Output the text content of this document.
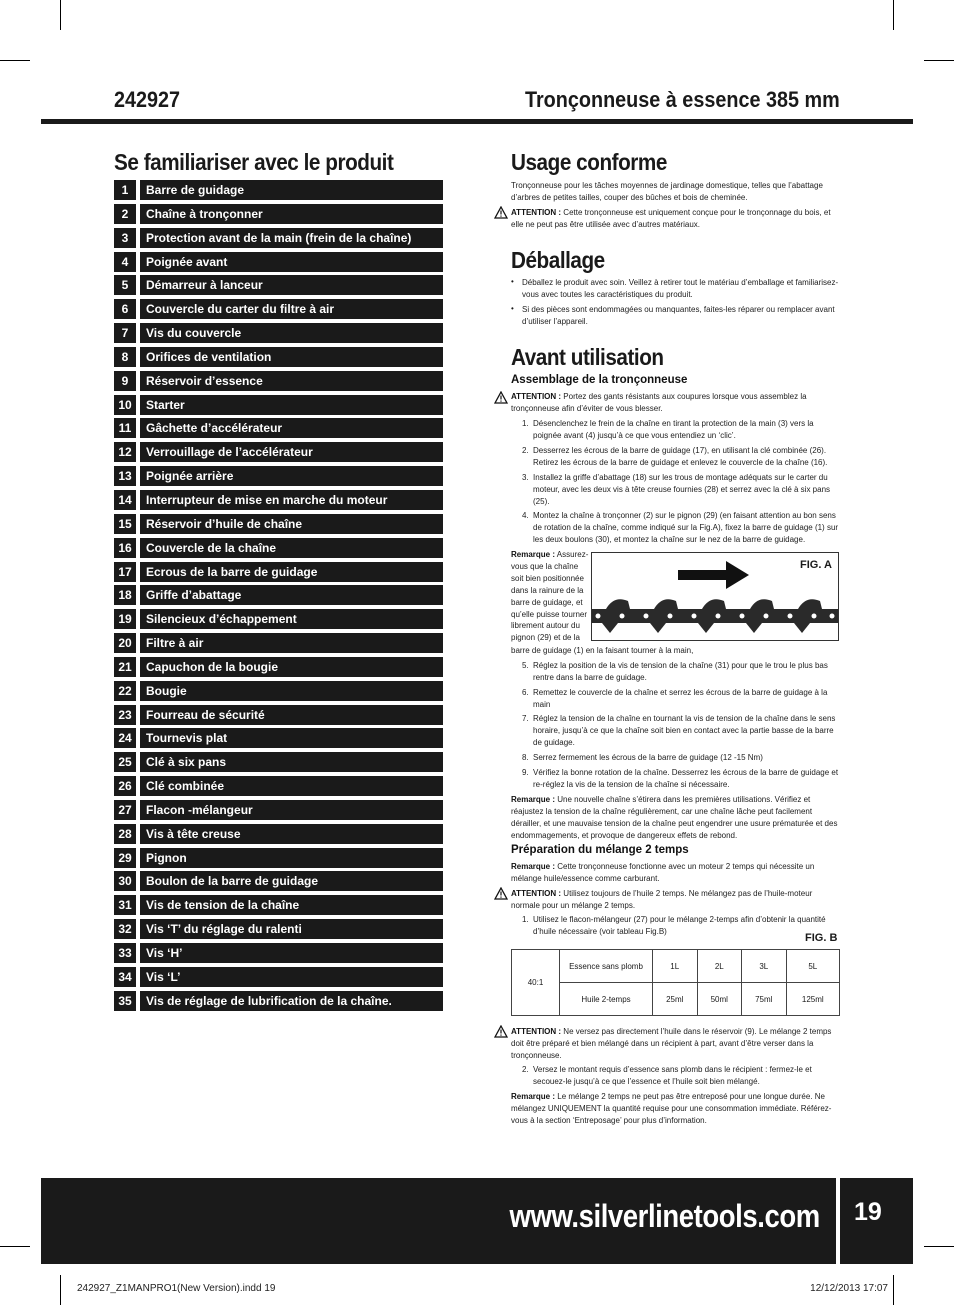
242927	Tronçonneuse à essence 385 mm
Se familiariser avec le produit
1	Barre de guidage
2	Chaîne à tronçonner
3	Protection avant de la main (frein de la chaîne)
4	Poignée avant
5	Démarreur à lanceur
6	Couvercle du carter du filtre à air
7	Vis du couvercle
8	Orifices de ventilation
9	Réservoir d’essence
10	Starter
11	Gâchette d’accélérateur
12	Verrouillage de l’accélérateur
13	Poignée arrière
14	Interrupteur de mise en marche du moteur
15	Réservoir d’huile de chaîne
16	Couvercle de la chaîne
17	Ecrous de la barre de guidage
18	Griffe d’abattage
19	Silencieux d’échappement
20	Filtre à air
21	Capuchon de la bougie
22	Bougie
23	Fourreau de sécurité
24	Tournevis plat
25	Clé à six pans
26	Clé combinée
27	Flacon -mélangeur
28	Vis à tête creuse
29	Pignon
30	Boulon de la barre de guidage
31	Vis de tension de la chaîne
32	Vis ‘T’ du réglage du ralenti
33	Vis ‘H’
34	Vis ‘L’
35	Vis de réglage de lubrification de la chaîne.
Usage conforme
Tronçonneuse pour les tâches moyennes de jardinage domestique, telles que l’abattage d’arbres de petites tailles, couper des bûches et bois de cheminée.
ATTENTION : Cette tronçonneuse est uniquement conçue pour le tronçonnage du bois, et elle ne peut pas être utilisée avec d’autres matériaux.
Déballage
• Déballez le produit avec soin. Veillez à retirer tout le matériau d’emballage et familiarisez-vous avec toutes les caractéristiques du produit.
• Si des pièces sont endommagées ou manquantes, faites-les réparer ou remplacer avant d’utiliser l’appareil.
Avant utilisation
Assemblage de la tronçonneuse
ATTENTION : Portez des gants résistants aux coupures lorsque vous assemblez la tronçonneuse afin d’éviter de vous blesser.
1. Désenclenchez le frein de la chaîne en tirant la protection de la main (3) vers la poignée avant (4) jusqu’à ce que vous entendiez un ‘clic’.
2. Desserrez les écrous de la barre de guidage (17), en utilisant la clé combinée (26). Retirez les écrous de la barre de guidage et enlevez le couvercle de la chaîne (16).
3. Installez la griffe d’abattage (18) sur les trous de montage adéquats sur le carter du moteur, avec les deux vis à tête creuse fournies (28) et serrez avec la clé à six pans (25).
4. Montez la chaîne à tronçonner (2) sur le pignon (29) (en faisant attention au bon sens de rotation de la chaîne, comme indiqué sur la Fig.A), fixez la barre de guidage (1) sur les deux boulons (30), et montez la chaîne sur le nez de la barre de guidage.
Remarque : Assurez-vous que la chaîne soit bien positionnée dans la rainure de la barre de guidage, et qu’elle puisse tourner librement autour du pignon (29) et de la
barre de guidage (1) en la faisant tourner à la main,
FIG. A
5. Réglez la position de la vis de tension de la chaîne (31) pour que le trou le plus bas rentre dans la barre de guidage.
6. Remettez le couvercle de la chaîne et serrez les écrous de la barre de guidage à la main
7. Réglez la tension de la chaîne en tournant la vis de tension de la chaîne dans le sens horaire, jusqu’à ce que la chaîne soit bien en contact avec la partie basse de la barre de guidage.
8. Serrez fermement les écrous de la barre de guidage (12 -15 Nm)
9. Vérifiez la bonne rotation de la chaîne. Desserrez les écrous de la barre de guidage et re-réglez la vis de la tension de la chaîne si nécessaire.
Remarque : Une nouvelle chaîne s’étirera dans les premières utilisations. Vérifiez et réajustez la tension de la chaîne régulièrement, car une chaîne lâche peut facilement dérailler, et une mauvaise tension de la chaîne peut engendrer une usure prématurée et des endommagements, et provoque de dangereux effets de rebond.
Préparation du mélange 2 temps
Remarque : Cette tronçonneuse fonctionne avec un moteur 2 temps qui nécessite un mélange huile/essence comme carburant.
ATTENTION : Utilisez toujours de l’huile 2 temps. Ne mélangez pas de l’huile-moteur normale pour un mélange 2 temps.
1. Utilisez le flacon-mélangeur (27) pour le mélange 2-temps afin d’obtenir la quantité d’huile nécessaire (voir tableau Fig.B)
FIG. B
40:1	Essence sans plomb	1L	2L	3L	5L
	Huile 2-temps	25ml	50ml	75ml	125ml
ATTENTION : Ne versez pas directement l’huile dans le réservoir (9). Le mélange 2 temps doit être préparé et bien mélangé dans un récipient à part, avant d’être verser dans la tronçonneuse.
2. Versez le montant requis d’essence sans plomb dans le récipient : fermez-le et secouez-le jusqu’à ce que l’essence et l’huile soit bien mélangé.
Remarque : Le mélange 2 temps ne peut pas être entreposé pour une longue durée. Ne mélangez UNIQUEMENT la quantité requise pour une consommation immédiate. Référez-vous à la section ‘Entreposage’ pour plus d’information.
www.silverlinetools.com 19
242927_Z1MANPRO1(New Version).indd 19	12/12/2013 17:07
